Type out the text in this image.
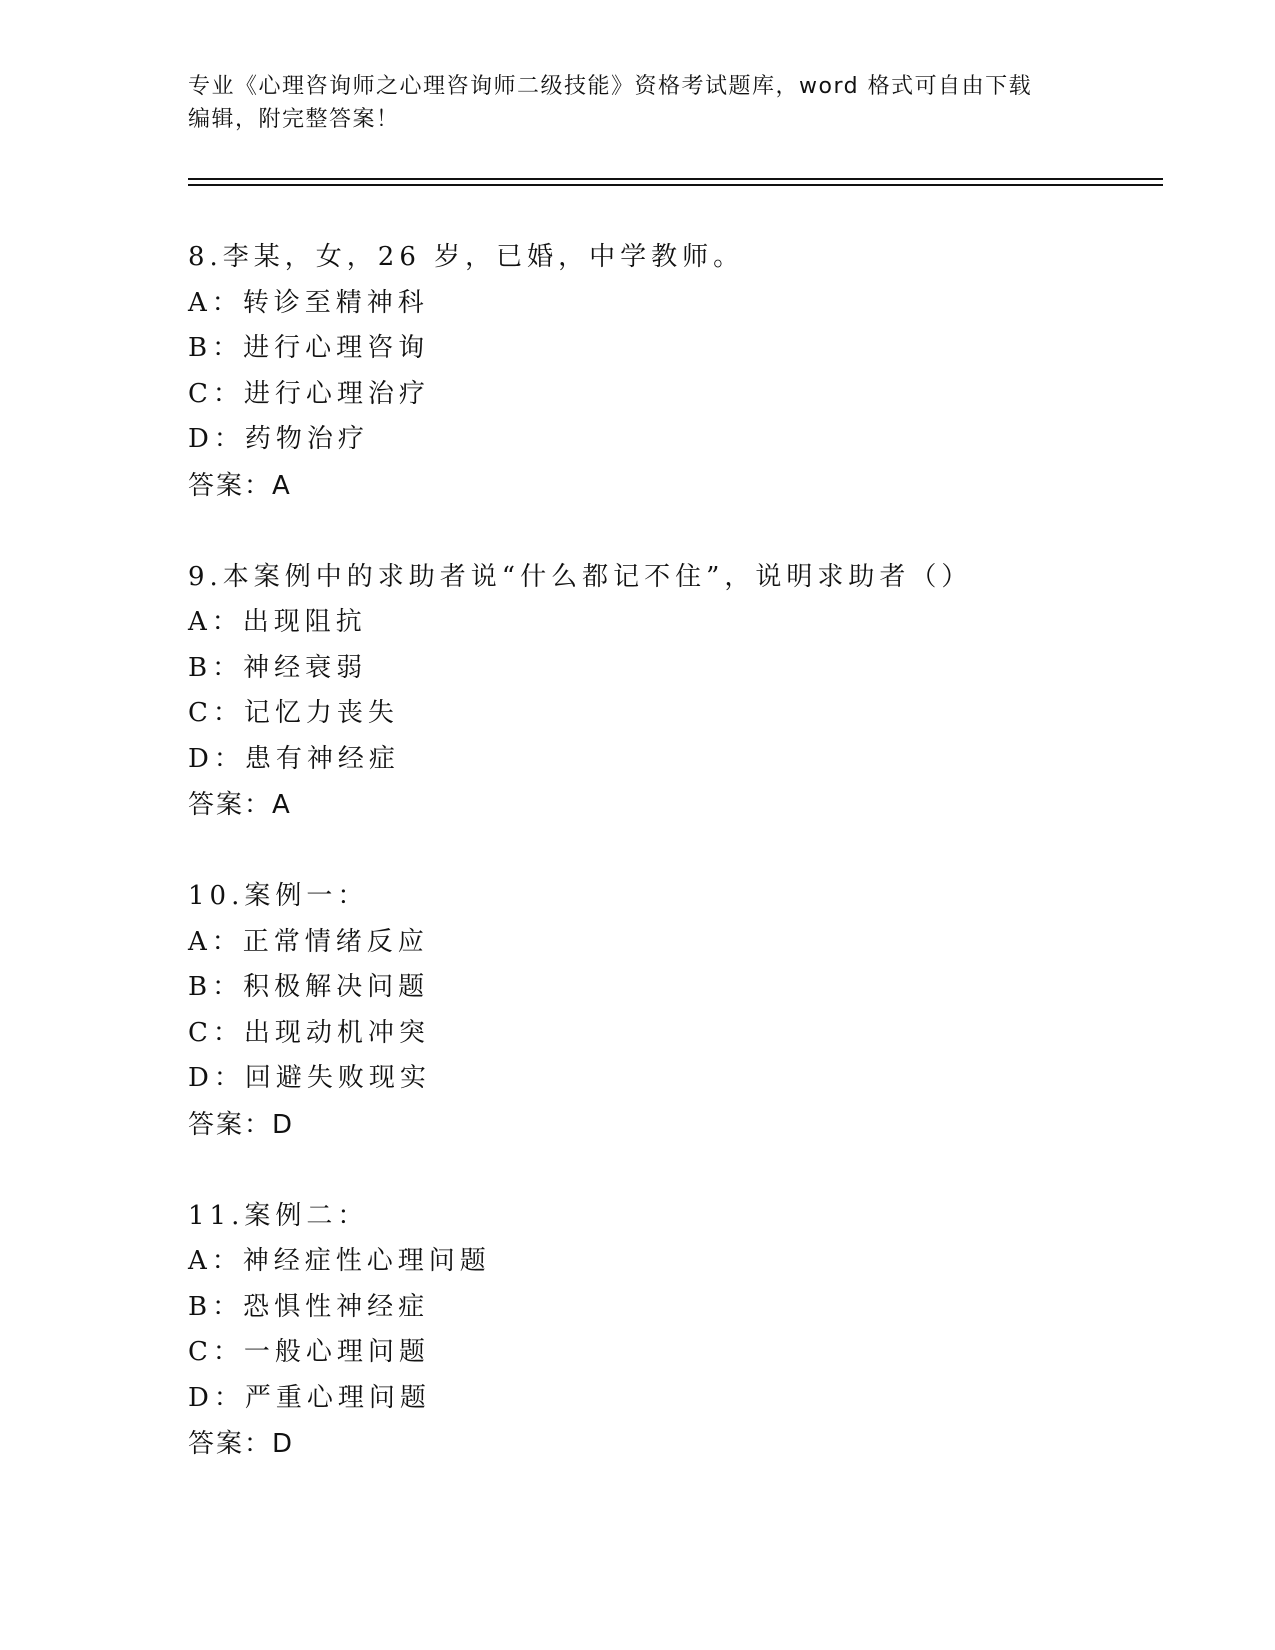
专业《心理咨询师之心理咨询师二级技能》资格考试题库，word 格式可自由下载
编辑，附完整答案！
8.李某，女，26 岁，已婚，中学教师。
A：转诊至精神科
B：进行心理咨询
C：进行心理治疗
D：药物治疗
答案：A
9.本案例中的求助者说“什么都记不住”，说明求助者（）
A：出现阻抗
B：神经衰弱
C：记忆力丧失
D：患有神经症
答案：A
10.案例一：
A：正常情绪反应
B：积极解决问题
C：出现动机冲突
D：回避失败现实
答案：D
11.案例二：
A：神经症性心理问题
B：恐惧性神经症
C：一般心理问题
D：严重心理问题
答案：D
